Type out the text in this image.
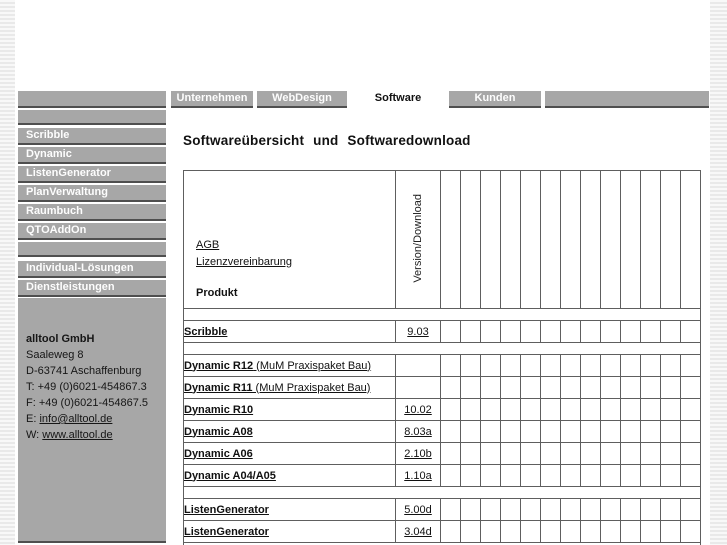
Unternehmen	WebDesign	Software	Kunden
Scribble
Dynamic
ListenGenerator
PlanVerwaltung
Raumbuch
QTOAddOn
Individual-Lösungen
Dienstleistungen
alltool GmbH
Saaleweg 8
D-63741 Aschaffenburg
T: +49 (0)6021-454867.3
F: +49 (0)6021-454867.5
E: info@alltool.de
W: www.alltool.de
Softwareübersicht und Softwaredownload
AGB
Lizenzvereinbarung
Produkt	Version/Download													

Scribble	9.03													

Dynamic R12 (MuM Praxispaket Bau)														
Dynamic R11 (MuM Praxispaket Bau)														
Dynamic R10	10.02													
Dynamic A08	8.03a													
Dynamic A06	2.10b													
Dynamic A04/A05	1.10a													

ListenGenerator	5.00d													
ListenGenerator	3.04d													
